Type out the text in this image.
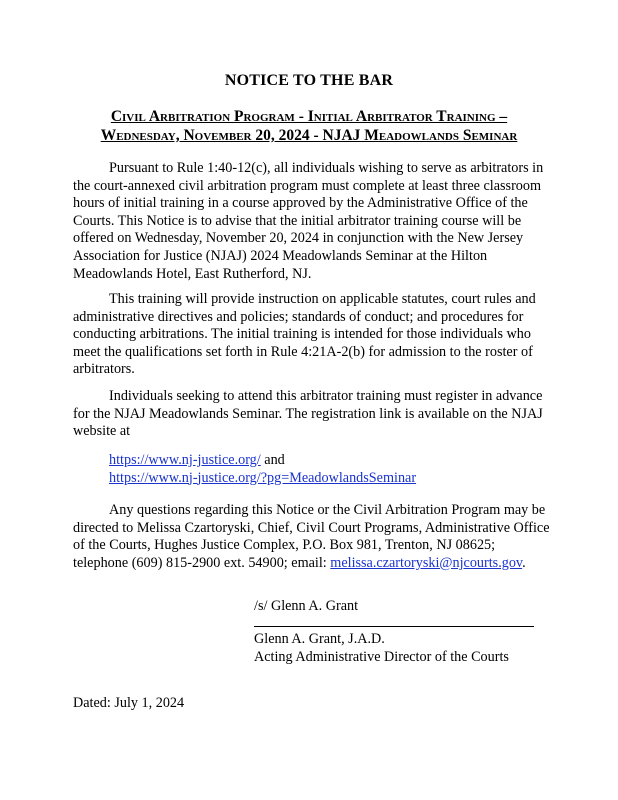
NOTICE TO THE BAR
Civil Arbitration Program - Initial Arbitrator Training –
Wednesday, November 20, 2024 - NJAJ Meadowlands Seminar

Pursuant to Rule 1:40-12(c), all individuals wishing to serve as arbitrators in the court-annexed civil arbitration program must complete at least three classroom hours of initial training in a course approved by the Administrative Office of the Courts. This Notice is to advise that the initial arbitrator training course will be offered on Wednesday, November 20, 2024 in conjunction with the New Jersey Association for Justice (NJAJ) 2024 Meadowlands Seminar at the Hilton Meadowlands Hotel, East Rutherford, NJ.

This training will provide instruction on applicable statutes, court rules and administrative directives and policies; standards of conduct; and procedures for conducting arbitrations. The initial training is intended for those individuals who meet the qualifications set forth in Rule 4:21A-2(b) for admission to the roster of arbitrators.

Individuals seeking to attend this arbitrator training must register in advance for the NJAJ Meadowlands Seminar. The registration link is available on the NJAJ website at

https://www.nj-justice.org/ and
https://www.nj-justice.org/?pg=MeadowlandsSeminar

Any questions regarding this Notice or the Civil Arbitration Program may be directed to Melissa Czartoryski, Chief, Civil Court Programs, Administrative Office of the Courts, Hughes Justice Complex, P.O. Box 981, Trenton, NJ 08625; telephone (609) 815-2900 ext. 54900; email: melissa.czartoryski@njcourts.gov.

/s/ Glenn A. Grant
Glenn A. Grant, J.A.D.
Acting Administrative Director of the Courts
Dated: July 1, 2024
